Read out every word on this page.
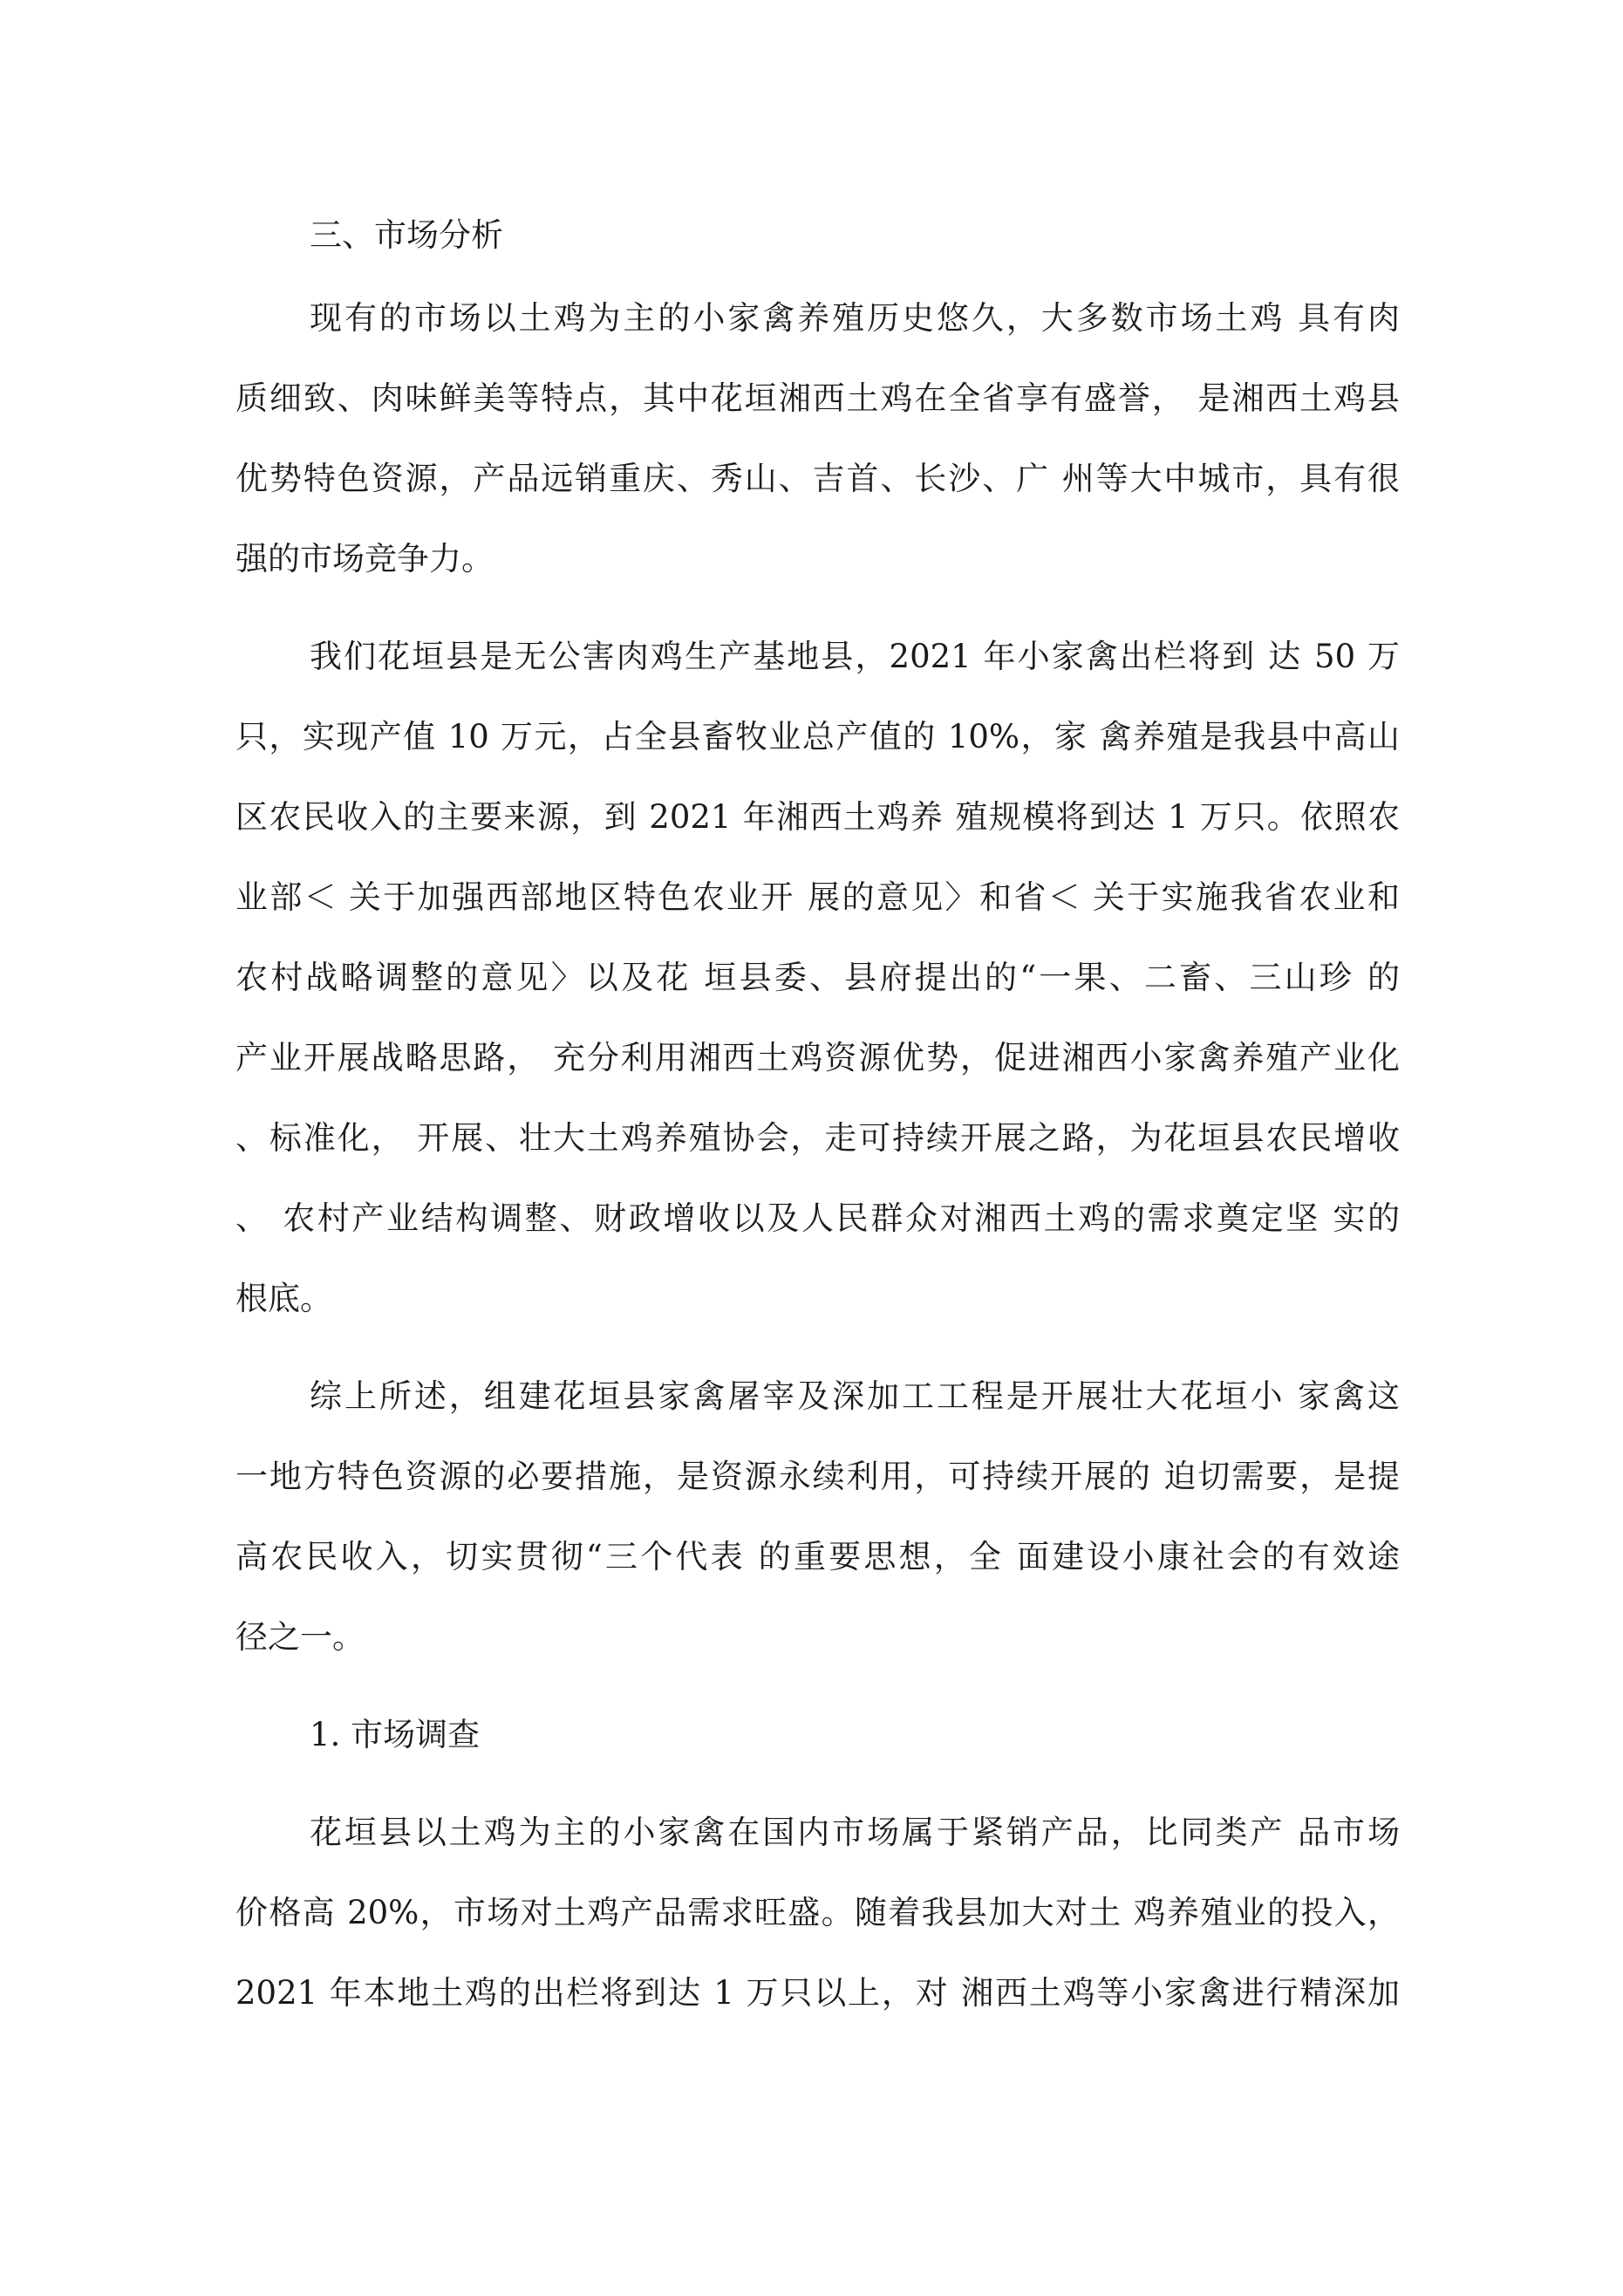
三、市场分析
现有的市场以土鸡为主的小家禽养殖历史悠久，大多数市场土鸡 具有肉
质细致、肉味鲜美等特点，其中花垣湘西土鸡在全省享有盛誉， 是湘西土鸡县
优势特色资源，产品远销重庆、秀山、吉首、长沙、广 州等大中城市，具有很
强的市场竞争力。
我们花垣县是无公害肉鸡生产基地县，2021 年小家禽出栏将到 达 50 万
只，实现产值 10 万元，占全县畜牧业总产值的 10%，家 禽养殖是我县中高山
区农民收入的主要来源，到 2021 年湘西土鸡养 殖规模将到达 1 万只。依照农
业部＜ 关于加强西部地区特色农业开 展的意见〉和省＜ 关于实施我省农业和
农村战略调整的意见〉以及花 垣县委、县府提出的“一果、二畜、三山珍 的
产业开展战略思路， 充分利用湘西土鸡资源优势，促进湘西小家禽养殖产业化
、标准化， 开展、壮大土鸡养殖协会，走可持续开展之路，为花垣县农民增收
、 农村产业结构调整、财政增收以及人民群众对湘西土鸡的需求奠定坚 实的
根底。
综上所述，组建花垣县家禽屠宰及深加工工程是开展壮大花垣小 家禽这
一地方特色资源的必要措施，是资源永续利用，可持续开展的 迫切需要，是提
高农民收入，切实贯彻“三个代表 的重要思想，全 面建设小康社会的有效途
径之一。
1. 市场调查
花垣县以土鸡为主的小家禽在国内市场属于紧销产品，比同类产 品市场
价格高 20%，市场对土鸡产品需求旺盛。随着我县加大对土 鸡养殖业的投入，
2021 年本地土鸡的出栏将到达 1 万只以上，对 湘西土鸡等小家禽进行精深加
